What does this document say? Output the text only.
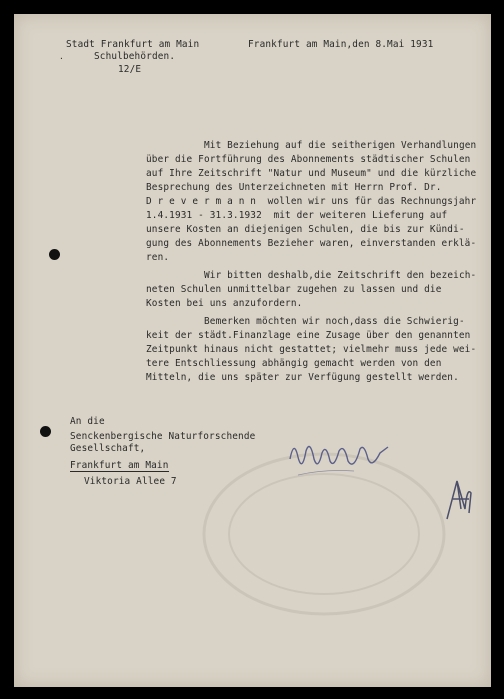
Stadt Frankfurt am Main
Schulbehörden.
12/E
Frankfurt am Main,den 8.Mai 1931
·
Mit Beziehung auf die seitherigen Verhandlungen
über die Fortführung des Abonnements städtischer Schulen
auf Ihre Zeitschrift "Natur und Museum" und die kürzliche
Besprechung des Unterzeichneten mit Herrn Prof. Dr.
D r e v e r m a n n  wollen wir uns für das Rechnungsjahr
1.4.1931 - 31.3.1932  mit der weiteren Lieferung auf
unsere Kosten an diejenigen Schulen, die bis zur Kündi-
gung des Abonnements Bezieher waren, einverstanden erklä-
ren.
Wir bitten deshalb,die Zeitschrift den bezeich-
neten Schulen unmittelbar zugehen zu lassen und die
Kosten bei uns anzufordern.
Bemerken möchten wir noch,dass die Schwierig-
keit der städt.Finanzlage eine Zusage über den genannten
Zeitpunkt hinaus nicht gestattet; vielmehr muss jede wei-
tere Entschliessung abhängig gemacht werden von den
Mitteln, die uns später zur Verfügung gestellt werden.
An die
Senckenbergische Naturforschende
Gesellschaft,
Frankfurt am Main
Viktoria Allee 7
